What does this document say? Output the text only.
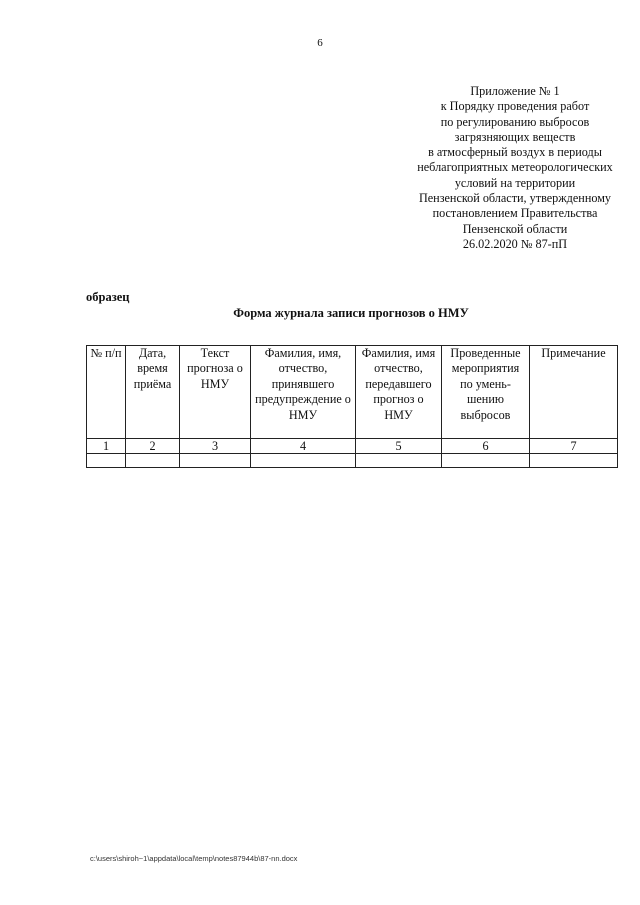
6
Приложение № 1
к Порядку проведения работ
по регулированию выбросов
загрязняющих веществ
в атмосферный воздух в периоды
неблагоприятных метеорологических
условий на территории
Пензенской области, утвержденному
постановлением Правительства
Пензенской области
26.02.2020 № 87-пП
образец
Форма журнала записи прогнозов о НМУ
№ п/п	Дата, время приёма	Текст прогноза о НМУ	Фамилия, имя, отчество, принявшего предупреждение о НМУ	Фамилия, имя отчество, передавшего прогноз о НМУ	Проведенные мероприятия по умень-шению выбросов	Примечание
1	2	3	4	5	6	7

c:\users\shiroh~1\appdata\local\temp\notes87944b\87-nn.docx
